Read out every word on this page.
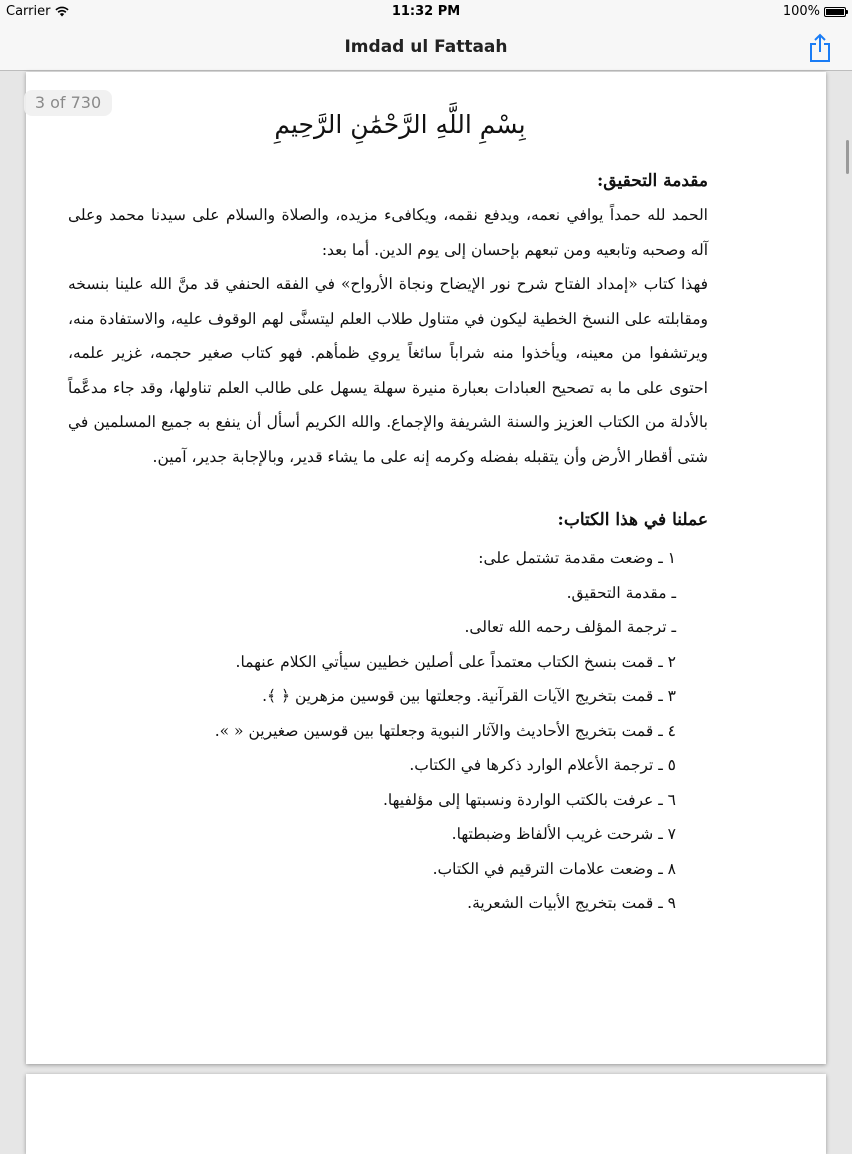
Carrier	11:32 PM	100%
Imdad ul Fattaah
3 of 730
بِسْمِ اللَّهِ الرَّحْمَٰنِ الرَّحِيمِ
مقدمة التحقيق:

الحمد لله حمداً يوافي نعمه، ويدفع نقمه، ويكافىء مزيده، والصلاة والسلام على سيدنا محمد وعلى آله وصحبه وتابعيه ومن تبعهم بإحسان إلى يوم الدين. أما بعد:

فهذا كتاب «إمداد الفتاح شرح نور الإيضاح ونجاة الأرواح» في الفقه الحنفي قد منَّ الله علينا بنسخه ومقابلته على النسخ الخطية ليكون في متناول طلاب العلم ليتسنَّى لهم الوقوف عليه، والاستفادة منه، ويرتشفوا من معينه، ويأخذوا منه شراباً سائغاً يروي ظمأهم. فهو كتاب صغير حجمه، غزير علمه، احتوى على ما به تصحيح العبادات بعبارة منيرة سهلة يسهل على طالب العلم تناولها، وقد جاء مدعَّماً بالأدلة من الكتاب العزيز والسنة الشريفة والإجماع. والله الكريم أسأل أن ينفع به جميع المسلمين في شتى أقطار الأرض وأن يتقبله بفضله وكرمه إنه على ما يشاء قدير، وبالإجابة جدير، آمين.

عملنا في هذا الكتاب:
١ ـ وضعت مقدمة تشتمل على:
ـ مقدمة التحقيق.
ـ ترجمة المؤلف رحمه الله تعالى.
٢ ـ قمت بنسخ الكتاب معتمداً على أصلين خطيين سيأتي الكلام عنهما.
٣ ـ قمت بتخريج الآيات القرآنية. وجعلتها بين قوسين مزهرين ﴿ ﴾.
٤ ـ قمت بتخريج الأحاديث والآثار النبوية وجعلتها بين قوسين صغيرين « ».
٥ ـ ترجمة الأعلام الوارد ذكرها في الكتاب.
٦ ـ عرفت بالكتب الواردة ونسبتها إلى مؤلفيها.
٧ ـ شرحت غريب الألفاظ وضبطتها.
٨ ـ وضعت علامات الترقيم في الكتاب.
٩ ـ قمت بتخريج الأبيات الشعرية.
